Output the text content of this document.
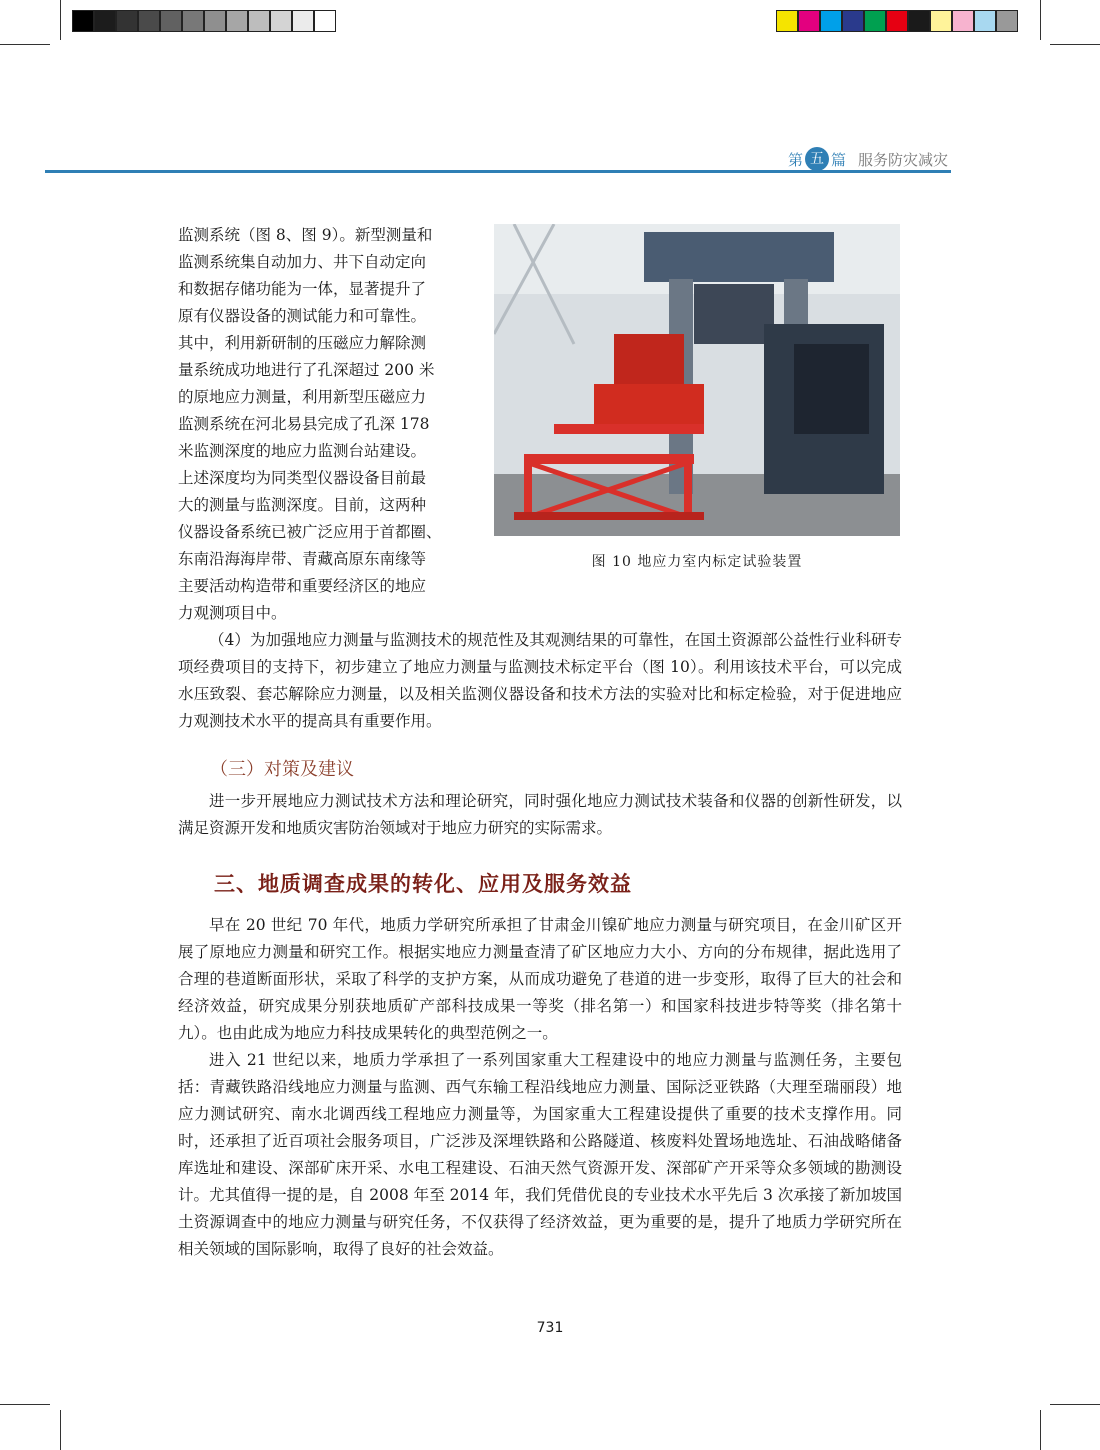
第 五 篇 服务防灾减灾
监测系统（图 8、图 9）。新型测量和
监测系统集自动加力、井下自动定向
和数据存储功能为一体，显著提升了
原有仪器设备的测试能力和可靠性。
其中，利用新研制的压磁应力解除测
量系统成功地进行了孔深超过 200 米
的原地应力测量，利用新型压磁应力
监测系统在河北易县完成了孔深 178
米监测深度的地应力监测台站建设。
上述深度均为同类型仪器设备目前最
大的测量与监测深度。目前，这两种
仪器设备系统已被广泛应用于首都圈、
东南沿海海岸带、青藏高原东南缘等
主要活动构造带和重要经济区的地应
力观测项目中。
图 10 地应力室内标定试验装置
（4）为加强地应力测量与监测技术的规范性及其观测结果的可靠性，在国土资源部公益性行业科研专项经费项目的支持下，初步建立了地应力测量与监测技术标定平台（图 10）。利用该技术平台，可以完成水压致裂、套芯解除应力测量，以及相关监测仪器设备和技术方法的实验对比和标定检验，对于促进地应力观测技术水平的提高具有重要作用。
（三）对策及建议
进一步开展地应力测试技术方法和理论研究，同时强化地应力测试技术装备和仪器的创新性研发，以满足资源开发和地质灾害防治领域对于地应力研究的实际需求。
三、地质调查成果的转化、应用及服务效益
早在 20 世纪 70 年代，地质力学研究所承担了甘肃金川镍矿地应力测量与研究项目，在金川矿区开展了原地应力测量和研究工作。根据实地应力测量查清了矿区地应力大小、方向的分布规律，据此选用了合理的巷道断面形状，采取了科学的支护方案，从而成功避免了巷道的进一步变形，取得了巨大的社会和经济效益，研究成果分别获地质矿产部科技成果一等奖（排名第一）和国家科技进步特等奖（排名第十九）。也由此成为地应力科技成果转化的典型范例之一。
进入 21 世纪以来，地质力学承担了一系列国家重大工程建设中的地应力测量与监测任务，主要包括：青藏铁路沿线地应力测量与监测、西气东输工程沿线地应力测量、国际泛亚铁路（大理至瑞丽段）地应力测试研究、南水北调西线工程地应力测量等，为国家重大工程建设提供了重要的技术支撑作用。同时，还承担了近百项社会服务项目，广泛涉及深埋铁路和公路隧道、核废料处置场地选址、石油战略储备库选址和建设、深部矿床开采、水电工程建设、石油天然气资源开发、深部矿产开采等众多领域的勘测设计。尤其值得一提的是，自 2008 年至 2014 年，我们凭借优良的专业技术水平先后 3 次承接了新加坡国土资源调查中的地应力测量与研究任务，不仅获得了经济效益，更为重要的是，提升了地质力学研究所在相关领域的国际影响，取得了良好的社会效益。
731
